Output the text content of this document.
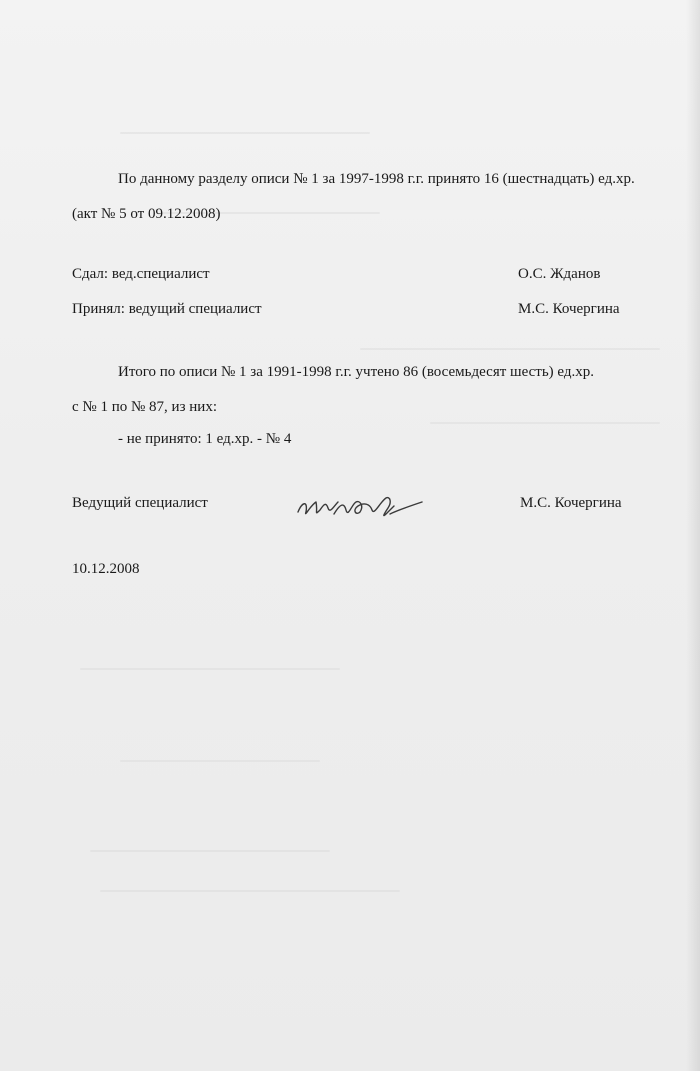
По данному разделу описи № 1 за 1997-1998 г.г. принято 16 (шестнадцать) ед.хр.
(акт № 5 от 09.12.2008)
Сдал: вед.специалист	О.С. Жданов
Принял: ведущий специалист	М.С. Кочергина
Итого по описи № 1 за 1991-1998 г.г. учтено 86 (восемьдесят шесть) ед.хр.
с № 1 по № 87, из них:
- не принято: 1 ед.хр. - № 4
Ведущий специалист	М.С. Кочергина
10.12.2008
